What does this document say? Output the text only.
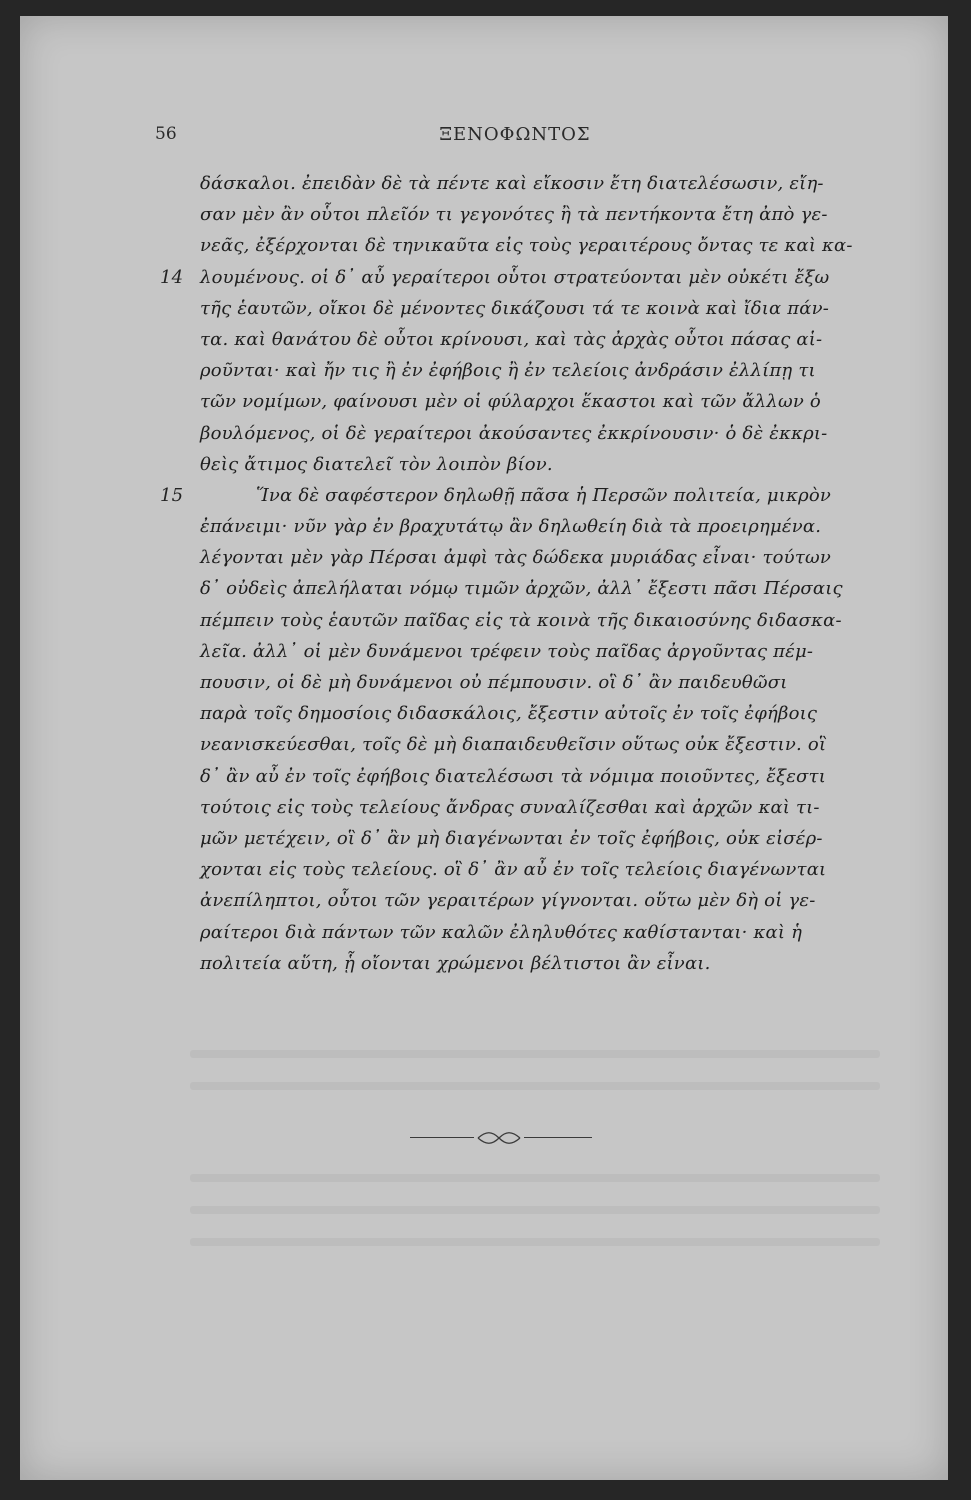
56	ΞΕΝΟΦΩΝΤΟΣ
δάσκαλοι. ἐπειδὰν δὲ τὰ πέντε καὶ εἴκοσιν ἔτη διατελέσωσιν, εἴη-
σαν μὲν ἂν οὗτοι πλεῖόν τι γεγονότες ἢ τὰ πεντήκοντα ἔτη ἀπὸ γε-
νεᾶς, ἐξέρχονται δὲ τηνικαῦτα εἰς τοὺς γεραιτέρους ὄντας τε καὶ κα-
14 λουμένους. οἱ δ᾽ αὖ γεραίτεροι οὗτοι στρατεύονται μὲν οὐκέτι ἔξω
τῆς ἑαυτῶν, οἴκοι δὲ μένοντες δικάζουσι τά τε κοινὰ καὶ ἴδια πάν-
τα. καὶ θανάτου δὲ οὗτοι κρίνουσι, καὶ τὰς ἀρχὰς οὗτοι πάσας αἱ-
ροῦνται· καὶ ἤν τις ἢ ἐν ἐφήβοις ἢ ἐν τελείοις ἀνδράσιν ἐλλίπῃ τι
τῶν νομίμων, φαίνουσι μὲν οἱ φύλαρχοι ἕκαστοι καὶ τῶν ἄλλων ὁ
βουλόμενος, οἱ δὲ γεραίτεροι ἀκούσαντες ἐκκρίνουσιν· ὁ δὲ ἐκκρι-
θεὶς ἄτιμος διατελεῖ τὸν λοιπὸν βίον.
15	Ἵνα δὲ σαφέστερον δηλωθῇ πᾶσα ἡ Περσῶν πολιτεία, μικρὸν
ἐπάνειμι· νῦν γὰρ ἐν βραχυτάτῳ ἂν δηλωθείη διὰ τὰ προειρημένα.
λέγονται μὲν γὰρ Πέρσαι ἀμφὶ τὰς δώδεκα μυριάδας εἶναι· τούτων
δ᾽ οὐδεὶς ἀπελήλαται νόμῳ τιμῶν ἀρχῶν, ἀλλ᾽ ἔξεστι πᾶσι Πέρσαις
πέμπειν τοὺς ἑαυτῶν παῖδας εἰς τὰ κοινὰ τῆς δικαιοσύνης διδασκα-
λεῖα. ἀλλ᾽ οἱ μὲν δυνάμενοι τρέφειν τοὺς παῖδας ἀργοῦντας πέμ-
πουσιν, οἱ δὲ μὴ δυνάμενοι οὐ πέμπουσιν. οἳ δ᾽ ἂν παιδευθῶσι
παρὰ τοῖς δημοσίοις διδασκάλοις, ἔξεστιν αὐτοῖς ἐν τοῖς ἐφήβοις
νεανισκεύεσθαι, τοῖς δὲ μὴ διαπαιδευθεῖσιν οὕτως οὐκ ἔξεστιν. οἳ
δ᾽ ἂν αὖ ἐν τοῖς ἐφήβοις διατελέσωσι τὰ νόμιμα ποιοῦντες, ἔξεστι
τούτοις εἰς τοὺς τελείους ἄνδρας συναλίζεσθαι καὶ ἀρχῶν καὶ τι-
μῶν μετέχειν, οἳ δ᾽ ἂν μὴ διαγένωνται ἐν τοῖς ἐφήβοις, οὐκ εἰσέρ-
χονται εἰς τοὺς τελείους. οἳ δ᾽ ἂν αὖ ἐν τοῖς τελείοις διαγένωνται
ἀνεπίληπτοι, οὗτοι τῶν γεραιτέρων γίγνονται. οὕτω μὲν δὴ οἱ γε-
ραίτεροι διὰ πάντων τῶν καλῶν ἐληλυθότες καθίστανται· καὶ ἡ
πολιτεία αὕτη, ᾗ οἴονται χρώμενοι βέλτιστοι ἂν εἶναι.
